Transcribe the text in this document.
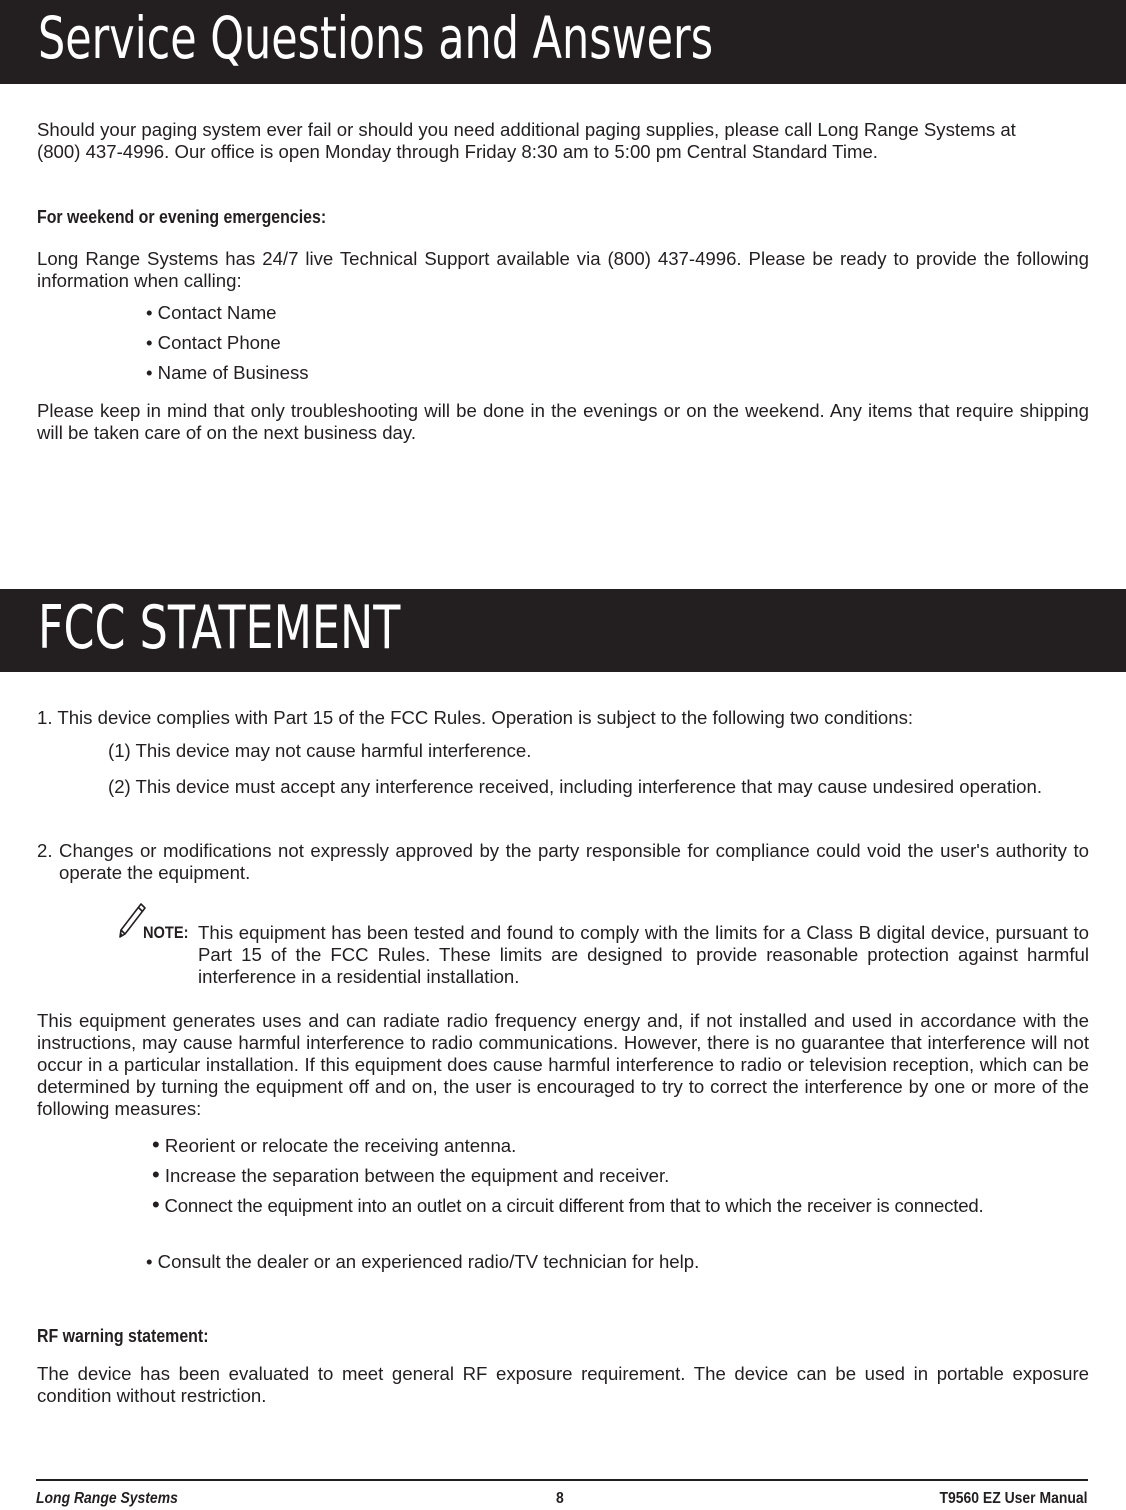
Service Questions and Answers

Should your paging system ever fail or should you need additional paging supplies, please call Long Range Systems at (800) 437-4996. Our office is open Monday through Friday 8:30 am to 5:00 pm Central Standard Time.

For weekend or evening emergencies:

Long Range Systems has 24/7 live Technical Support available via (800) 437-4996. Please be ready to provide the following information when calling:

• Contact Name
• Contact Phone
• Name of Business

Please keep in mind that only troubleshooting will be done in the evenings or on the weekend. Any items that require shipping will be taken care of on the next business day.

FCC STATEMENT

1. This device complies with Part 15 of the FCC Rules. Operation is subject to the following two conditions:

(1) This device may not cause harmful interference.

(2) This device must accept any interference received, including interference that may cause undesired operation.

2. Changes or modifications not expressly approved by the party responsible for compliance could void the user's authority to operate the equipment.

NOTE: This equipment has been tested and found to comply with the limits for a Class B digital device, pursuant to Part 15 of the FCC Rules. These limits are designed to provide reasonable protection against harmful interference in a residential installation.

This equipment generates uses and can radiate radio frequency energy and, if not installed and used in accordance with the instructions, may cause harmful interference to radio communications. However, there is no guarantee that interference will not occur in a particular installation. If this equipment does cause harmful interference to radio or television reception, which can be determined by turning the equipment off and on, the user is encouraged to try to correct the interference by one or more of the following measures:

• Reorient or relocate the receiving antenna.
• Increase the separation between the equipment and receiver.
• Connect the equipment into an outlet on a circuit different from that to which the receiver is connected.
• Consult the dealer or an experienced radio/TV technician for help.
RF warning statement:

The device has been evaluated to meet general RF exposure requirement. The device can be used in portable exposure condition without restriction.

Long Range Systems	8	T9560 EZ User Manual
